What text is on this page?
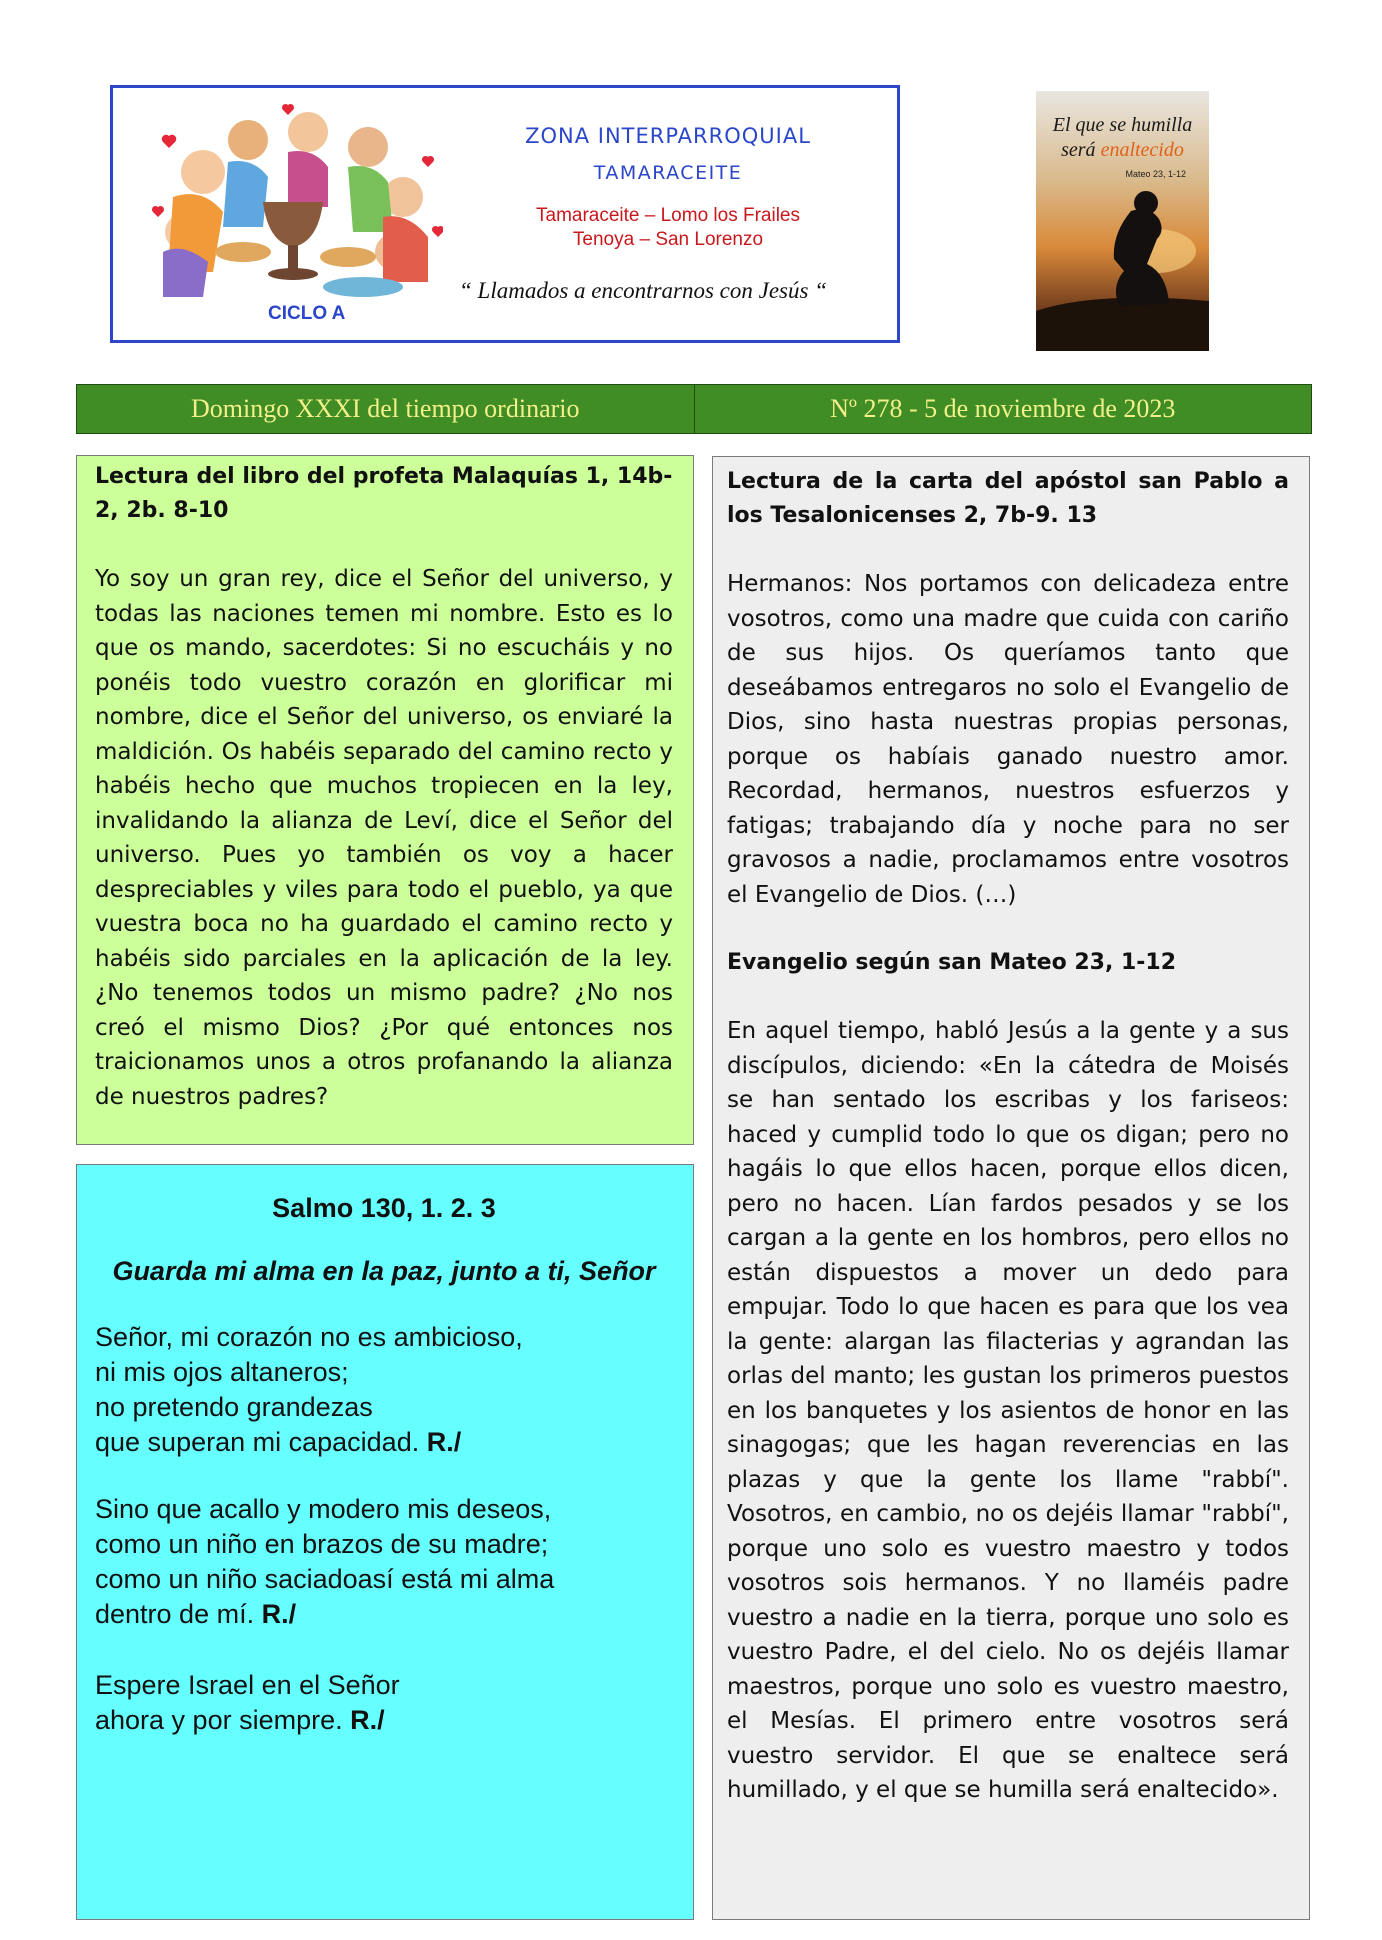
ZONA INTERPARROQUIAL
TAMARACEITE
Tamaraceite – Lomo los Frailes
Tenoya – San Lorenzo
“ Llamados a encontrarnos con Jesús “
CICLO A
El que se humilla
será enaltecido
Mateo 23, 1-12
Domingo XXXI del tiempo ordinario	Nº 278 - 5 de noviembre de 2023
Lectura del libro del profeta Malaquías 1, 14b-2, 2b. 8-10
Yo soy un gran rey, dice el Señor del universo, y todas las naciones temen mi nombre. Esto es lo que os mando, sacerdotes: Si no escucháis y no ponéis todo vuestro corazón en glorificar mi nombre, dice el Señor del universo, os enviaré la maldición. Os habéis separado del camino recto y habéis hecho que muchos tropiecen en la ley, invalidando la alianza de Leví, dice el Señor del universo. Pues yo también os voy a hacer despreciables y viles para todo el pueblo, ya que vuestra boca no ha guardado el camino recto y habéis sido parciales en la aplicación de la ley. ¿No tenemos todos un mismo padre? ¿No nos creó el mismo Dios? ¿Por qué entonces nos traicionamos unos a otros profanando la alianza de nuestros padres?
Salmo 130, 1. 2. 3
Guarda mi alma en la paz, junto a ti, Señor
Señor, mi corazón no es ambicioso,
ni mis ojos altaneros;
no pretendo grandezas
que superan mi capacidad. R./
Sino que acallo y modero mis deseos,
como un niño en brazos de su madre;
como un niño saciadoasí está mi alma
dentro de mí. R./
Espere Israel en el Señor
ahora y por siempre. R./
Lectura de la carta del apóstol san Pablo a los Tesalonicenses 2, 7b-9. 13
Hermanos: Nos portamos con delicadeza entre vosotros, como una madre que cuida con cariño de sus hijos. Os queríamos tanto que deseábamos entregaros no solo el Evangelio de Dios, sino hasta nuestras propias personas, porque os habíais ganado nuestro amor. Recordad, hermanos, nuestros esfuerzos y fatigas; trabajando día y noche para no ser gravosos a nadie, proclamamos entre vosotros el Evangelio de Dios. (…)
Evangelio según san Mateo 23, 1-12
En aquel tiempo, habló Jesús a la gente y a sus discípulos, diciendo: «En la cátedra de Moisés se han sentado los escribas y los fariseos: haced y cumplid todo lo que os digan; pero no hagáis lo que ellos hacen, porque ellos dicen, pero no hacen. Lían fardos pesados y se los cargan a la gente en los hombros, pero ellos no están dispuestos a mover un dedo para empujar. Todo lo que hacen es para que los vea la gente: alargan las filacterias y agrandan las orlas del manto; les gustan los primeros puestos en los banquetes y los asientos de honor en las sinagogas; que les hagan reverencias en las plazas y que la gente los llame "rabbí". Vosotros, en cambio, no os dejéis llamar "rabbí", porque uno solo es vuestro maestro y todos vosotros sois hermanos. Y no llaméis padre vuestro a nadie en la tierra, porque uno solo es vuestro Padre, el del cielo. No os dejéis llamar maestros, porque uno solo es vuestro maestro, el Mesías. El primero entre vosotros será vuestro servidor. El que se enaltece será humillado, y el que se humilla será enaltecido».
